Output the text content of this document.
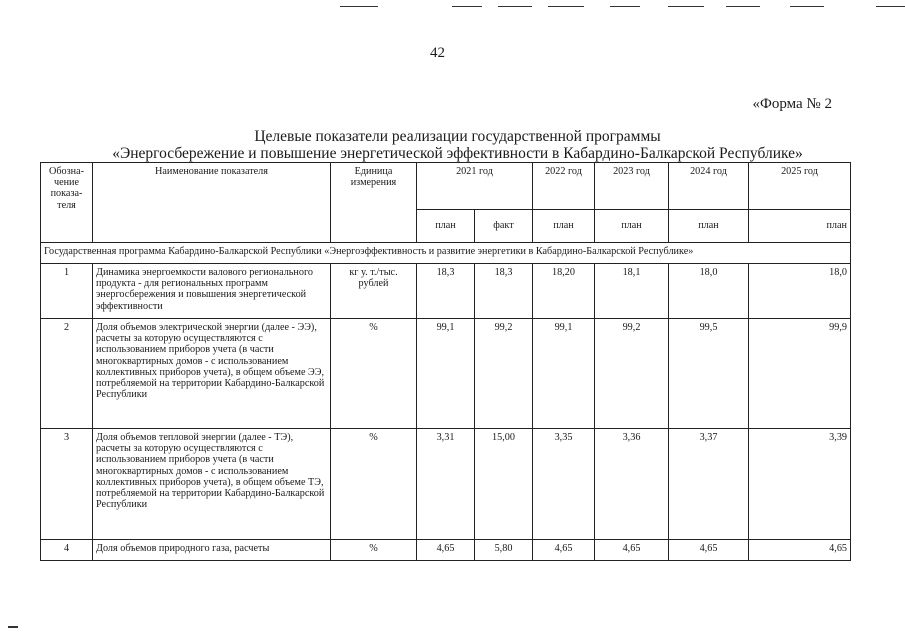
42
«Форма № 2
Целевые показатели реализации государственной программы
«Энергосбережение и повышение энергетической эффективности в Кабардино-Балкарской Республике»
Обозна-чение показа-теля	Наименование показателя	Единица измерения	2021 год		2022 год	2023 год	2024 год	2025 год
			план	факт	план	план	план	план
Государственная программа Кабардино-Балкарской Республики «Энергоэффективность и развитие энергетики в Кабардино-Балкарской Республике»								
1	Динамика энергоемкости валового регионального продукта - для региональных программ энергосбережения и повышения энергетической эффективности	кг у. т./тыс. рублей	18,3	18,3	18,20	18,1	18,0	18,0
2	Доля объемов электрической энергии (далее - ЭЭ), расчеты за которую осуществляются с использованием приборов учета (в части многоквартирных домов - с использованием коллективных приборов учета), в общем объеме ЭЭ, потребляемой на территории Кабардино-Балкарской Республики	%	99,1	99,2	99,1	99,2	99,5	99,9
3	Доля объемов тепловой энергии (далее - ТЭ), расчеты за которую осуществляются с использованием приборов учета (в части многоквартирных домов - с использованием коллективных приборов учета), в общем объеме ТЭ, потребляемой на территории Кабардино-Балкарской Республики	%	3,31	15,00	3,35	3,36	3,37	3,39
4	Доля объемов природного газа, расчеты	%	4,65	5,80	4,65	4,65	4,65	4,65
